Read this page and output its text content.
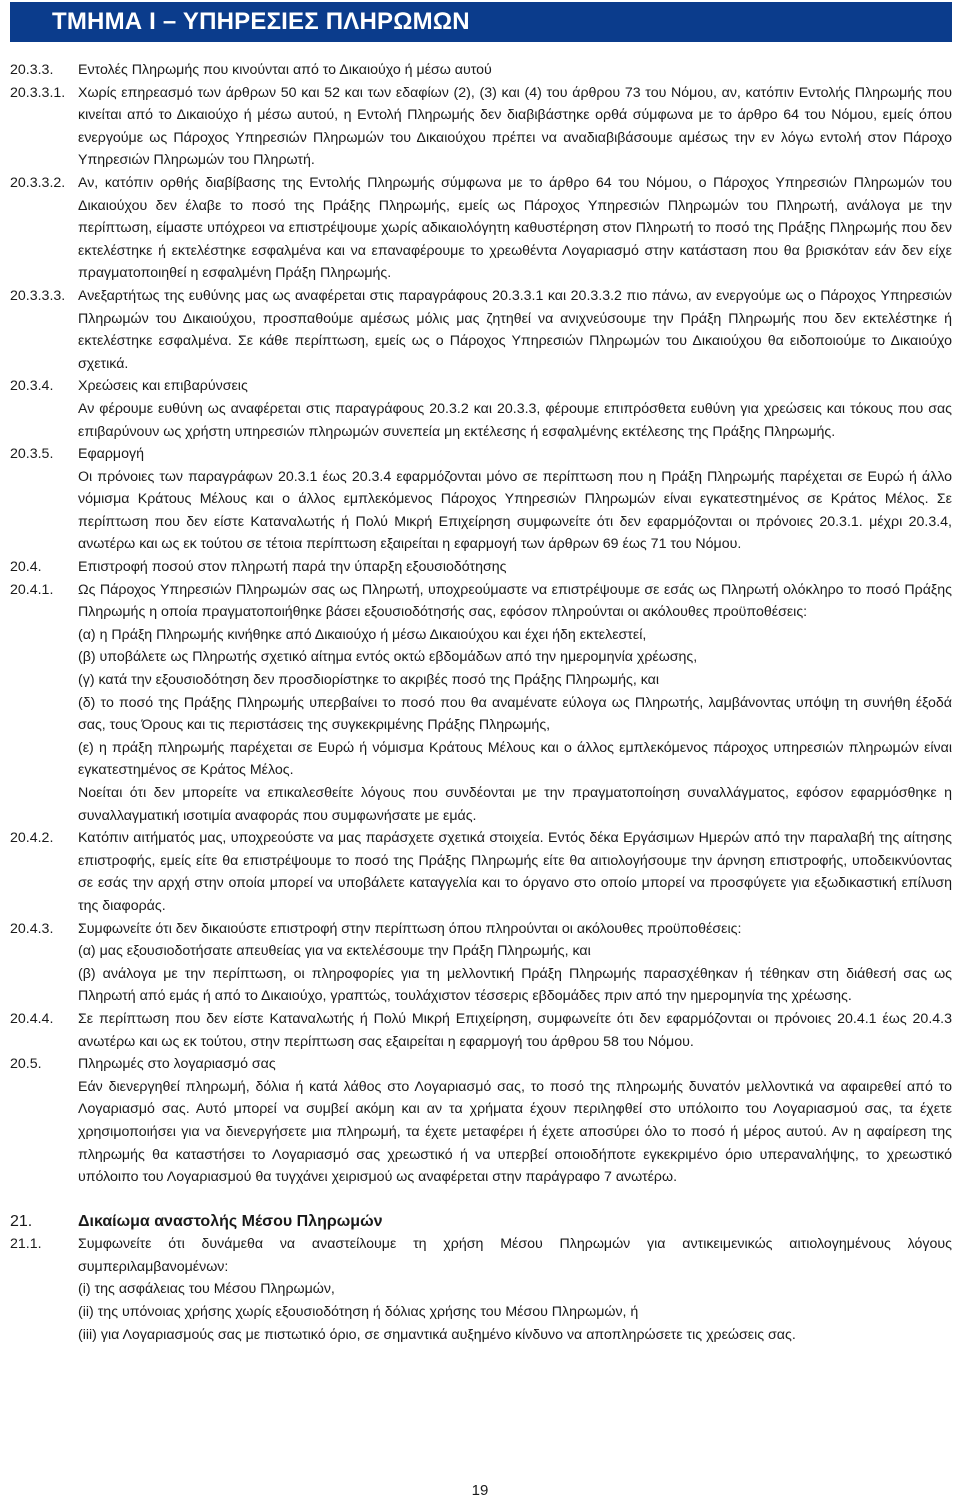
ΤΜΗΜΑ Ι – ΥΠΗΡΕΣΙΕΣ ΠΛΗΡΩΜΩΝ
20.3.3.	Εντολές Πληρωμής που κινούνται από το Δικαιούχο ή μέσω αυτού

20.3.3.1. Χωρίς επηρεασμό των άρθρων 50 και 52 και των εδαφίων (2), (3) και (4) του άρθρου 73 του Νόμου, αν, κατόπιν Εντολής Πληρωμής που κινείται από το Δικαιούχο ή μέσω αυτού, η Εντολή Πληρωμής δεν διαβιβάστηκε ορθά σύμφωνα με το άρθρο 64 του Νόμου, εμείς όπου ενεργούμε ως Πάροχος Υπηρεσιών Πληρωμών του Δικαιούχου πρέπει να αναδιαβιβάσουμε αμέσως την εν λόγω εντολή στον Πάροχο Υπηρεσιών Πληρωμών του Πληρωτή.

20.3.3.2. Αν, κατόπιν ορθής διαβίβασης της Εντολής Πληρωμής σύμφωνα με το άρθρο 64 του Νόμου, ο Πάροχος Υπηρεσιών Πληρωμών του Δικαιούχου δεν έλαβε το ποσό της Πράξης Πληρωμής, εμείς ως Πάροχος Υπηρεσιών Πληρωμών του Πληρωτή, ανάλογα με την περίπτωση, είμαστε υπόχρεοι να επιστρέψουμε χωρίς αδικαιολόγητη καθυστέρηση στον Πληρωτή το ποσό της Πράξης Πληρωμής που δεν εκτελέστηκε ή εκτελέστηκε εσφαλμένα και να επαναφέρουμε το χρεωθέντα Λογαριασμό στην κατάσταση που θα βρισκόταν εάν δεν είχε πραγματοποιηθεί η εσφαλμένη Πράξη Πληρωμής.

20.3.3.3. Ανεξαρτήτως της ευθύνης μας ως αναφέρεται στις παραγράφους 20.3.3.1 και 20.3.3.2 πιο πάνω, αν ενεργούμε ως ο Πάροχος Υπηρεσιών Πληρωμών του Δικαιούχου, προσπαθούμε αμέσως μόλις μας ζητηθεί να ανιχνεύσουμε την Πράξη Πληρωμής που δεν εκτελέστηκε ή εκτελέστηκε εσφαλμένα. Σε κάθε περίπτωση, εμείς ως ο Πάροχος Υπηρεσιών Πληρωμών του Δικαιούχου θα ειδοποιούμε το Δικαιούχο σχετικά.

20.3.4.	Χρεώσεις και επιβαρύνσεις

Αν φέρουμε ευθύνη ως αναφέρεται στις παραγράφους 20.3.2 και 20.3.3, φέρουμε επιπρόσθετα ευθύνη για χρεώσεις και τόκους που σας επιβαρύνουν ως χρήστη υπηρεσιών πληρωμών συνεπεία μη εκτέλεσης ή εσφαλμένης εκτέλεσης της Πράξης Πληρωμής.

20.3.5.	Εφαρμογή

Οι πρόνοιες των παραγράφων 20.3.1 έως 20.3.4 εφαρμόζονται μόνο σε περίπτωση που η Πράξη Πληρωμής παρέχεται σε Ευρώ ή άλλο νόμισμα Κράτους Μέλους και ο άλλος εμπλεκόμενος Πάροχος Υπηρεσιών Πληρωμών είναι εγκατεστημένος σε Κράτος Μέλος. Σε περίπτωση που δεν είστε Καταναλωτής ή Πολύ Μικρή Επιχείρηση συμφωνείτε ότι δεν εφαρμόζονται οι πρόνοιες 20.3.1. μέχρι 20.3.4, ανωτέρω και ως εκ τούτου σε τέτοια περίπτωση εξαιρείται η εφαρμογή των άρθρων 69 έως 71 του Νόμου.

20.4.	Επιστροφή ποσού στον πληρωτή παρά την ύπαρξη εξουσιοδότησης

20.4.1.	Ως Πάροχος Υπηρεσιών Πληρωμών σας ως Πληρωτή, υποχρεούμαστε να επιστρέψουμε σε εσάς ως Πληρωτή ολόκληρο το ποσό Πράξης Πληρωμής η οποία πραγματοποιήθηκε βάσει εξουσιοδότησής σας, εφόσον πληρούνται οι ακόλουθες προϋποθέσεις:

(α) η Πράξη Πληρωμής κινήθηκε από Δικαιούχο ή μέσω Δικαιούχου και έχει ήδη εκτελεστεί,

(β) υποβάλετε ως Πληρωτής σχετικό αίτημα εντός οκτώ εβδομάδων από την ημερομηνία χρέωσης,

(γ) κατά την εξουσιοδότηση δεν προσδιορίστηκε το ακριβές ποσό της Πράξης Πληρωμής, και

(δ) το ποσό της Πράξης Πληρωμής υπερβαίνει το ποσό που θα αναμένατε εύλογα ως Πληρωτής, λαμβάνοντας υπόψη τη συνήθη έξοδά σας, τους Όρους και τις περιστάσεις της συγκεκριμένης Πράξης Πληρωμής,

(ε) η πράξη πληρωμής παρέχεται σε Ευρώ ή νόμισμα Κράτους Μέλους και ο άλλος εμπλεκόμενος πάροχος υπηρεσιών πληρωμών είναι εγκατεστημένος σε Κράτος Μέλος.

Νοείται ότι δεν μπορείτε να επικαλεσθείτε λόγους που συνδέονται με την πραγματοποίηση συναλλάγματος, εφόσον εφαρμόσθηκε η συναλλαγματική ισοτιμία αναφοράς που συμφωνήσατε με εμάς.

20.4.2.	Κατόπιν αιτήματός μας, υποχρεούστε να μας παράσχετε σχετικά στοιχεία. Εντός δέκα Εργάσιμων Ημερών από την παραλαβή της αίτησης επιστροφής, εμείς είτε θα επιστρέψουμε το ποσό της Πράξης Πληρωμής είτε θα αιτιολογήσουμε την άρνηση επιστροφής, υποδεικνύοντας σε εσάς την αρχή στην οποία μπορεί να υποβάλετε καταγγελία και το όργανο στο οποίο μπορεί να προσφύγετε για εξωδικαστική επίλυση της διαφοράς.

20.4.3.	Συμφωνείτε ότι δεν δικαιούστε επιστροφή στην περίπτωση όπου πληρούνται οι ακόλουθες προϋποθέσεις:

(α) μας εξουσιοδοτήσατε απευθείας για να εκτελέσουμε την Πράξη Πληρωμής, και

(β) ανάλογα με την περίπτωση, οι πληροφορίες για τη μελλοντική Πράξη Πληρωμής παρασχέθηκαν ή τέθηκαν στη διάθεσή σας ως Πληρωτή από εμάς ή από το Δικαιούχο, γραπτώς, τουλάχιστον τέσσερις εβδομάδες πριν από την ημερομηνία της χρέωσης.

20.4.4.	Σε περίπτωση που δεν είστε Καταναλωτής ή Πολύ Μικρή Επιχείρηση, συμφωνείτε ότι δεν εφαρμόζονται οι πρόνοιες 20.4.1 έως 20.4.3 ανωτέρω και ως εκ τούτου, στην περίπτωση σας εξαιρείται η εφαρμογή του άρθρου 58 του Νόμου.

20.5.	Πληρωμές στο λογαριασμό σας

Εάν διενεργηθεί πληρωμή, δόλια ή κατά λάθος στο Λογαριασμό σας, το ποσό της πληρωμής δυνατόν μελλοντικά να αφαιρεθεί από το Λογαριασμό σας. Αυτό μπορεί να συμβεί ακόμη και αν τα χρήματα έχουν περιληφθεί στο υπόλοιπο του Λογαριασμού σας, τα έχετε χρησιμοποιήσει για να διενεργήσετε μια πληρωμή, τα έχετε μεταφέρει ή έχετε αποσύρει όλο το ποσό ή μέρος αυτού. Αν η αφαίρεση της πληρωμής θα καταστήσει το Λογαριασμό σας χρεωστικό ή να υπερβεί οποιοδήποτε εγκεκριμένο όριο υπεραναλήψης, το χρεωστικό υπόλοιπο του Λογαριασμού θα τυγχάνει χειρισμού ως αναφέρεται στην παράγραφο 7 ανωτέρω.

21.	Δικαίωμα αναστολής Μέσου Πληρωμών
21.1.	Συμφωνείτε ότι δυνάμεθα να αναστείλουμε τη χρήση Μέσου Πληρωμών για αντικειμενικώς αιτιολογημένους λόγους συμπεριλαμβανομένων:

(i) της ασφάλειας του Μέσου Πληρωμών,

(ii) της υπόνοιας χρήσης χωρίς εξουσιοδότηση ή δόλιας χρήσης του Μέσου Πληρωμών, ή

(iii) για Λογαριασμούς σας με πιστωτικό όριο, σε σημαντικά αυξημένο κίνδυνο να αποπληρώσετε τις χρεώσεις σας.

19
